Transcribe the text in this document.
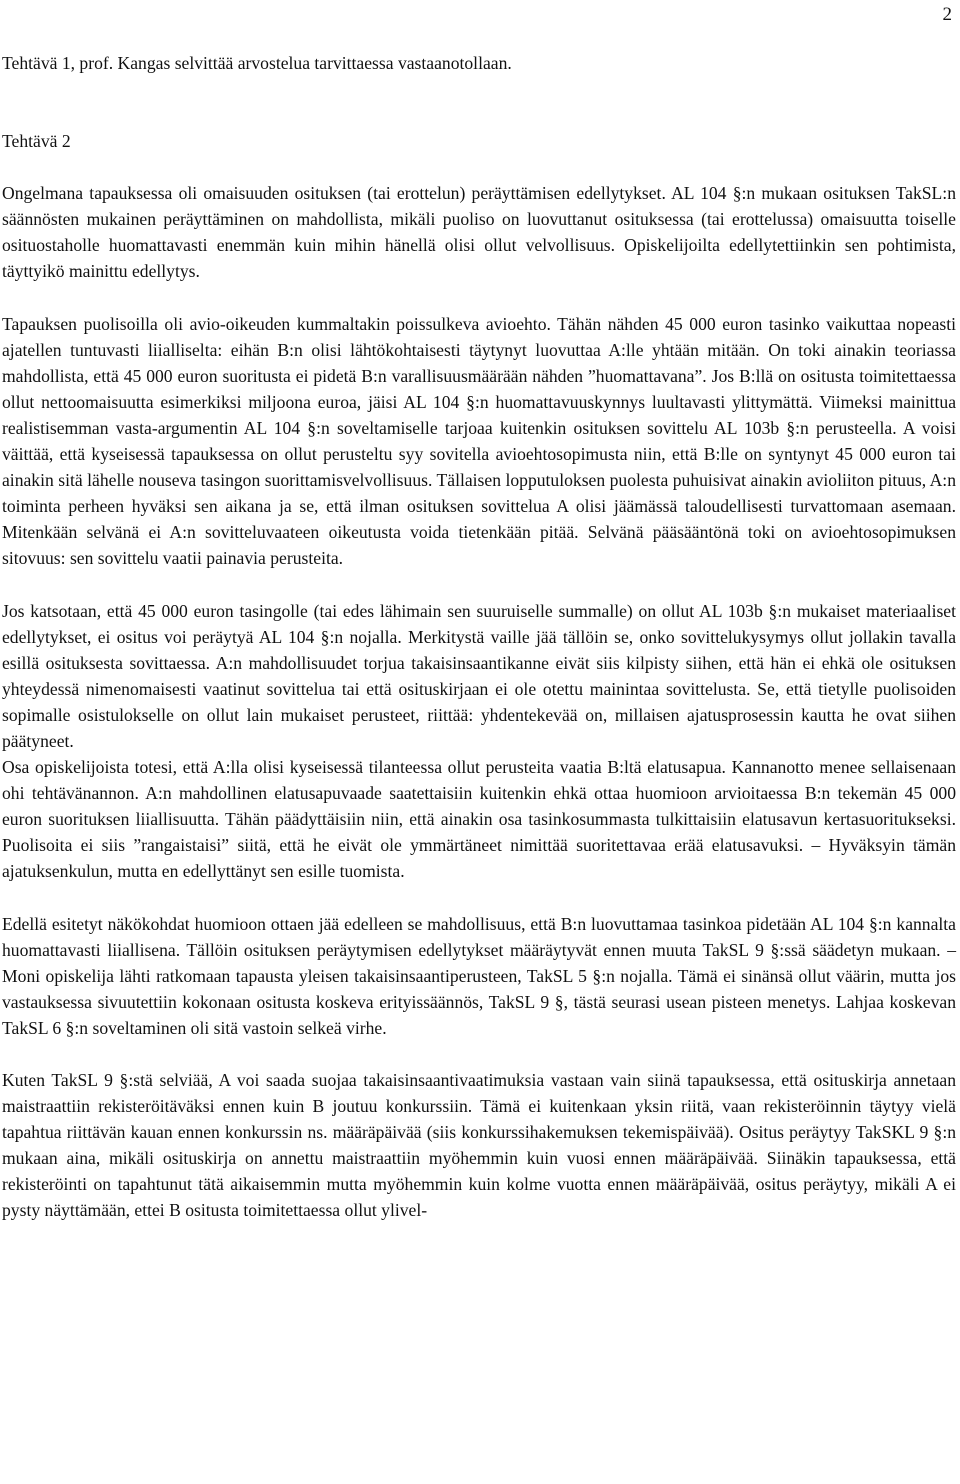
2

Tehtävä 1, prof. Kangas selvittää arvostelua tarvittaessa vastaanotollaan.

Tehtävä 2

Ongelmana tapauksessa oli omaisuuden osituksen (tai erottelun) peräyttämisen edellytykset. AL 104 §:n mukaan osituksen TakSL:n säännösten mukainen peräyttäminen on mahdollista, mikäli puoliso on luovuttanut osituksessa (tai erottelussa) omaisuutta toiselle osituostaholle huomattavasti enemmän kuin mihin hänellä olisi ollut velvollisuus. Opiskelijoilta edellytettiinkin sen pohtimista, täyttyikö mainittu edellytys.

Tapauksen puolisoilla oli avio-oikeuden kummaltakin poissulkeva avioehto. Tähän nähden 45 000 euron tasinko vaikuttaa nopeasti ajatellen tuntuvasti liialliselta: eihän B:n olisi lähtökohtaisesti täytynyt luovuttaa A:lle yhtään mitään. On toki ainakin teoriassa mahdollista, että 45 000 euron suoritusta ei pidetä B:n varallisuusmäärään nähden ”huomattavana”. Jos B:llä on ositusta toimitettaessa ollut nettoomaisuutta esimerkiksi miljoona euroa, jäisi AL 104 §:n huomattavuuskynnys luultavasti ylittymättä. Viimeksi mainittua realistisemman vasta-argumentin AL 104 §:n soveltamiselle tarjoaa kuitenkin osituksen sovittelu AL 103b §:n perusteella. A voisi väittää, että kyseisessä tapauksessa on ollut perusteltu syy sovitella avioehtosopimusta niin, että B:lle on syntynyt 45 000 euron tai ainakin sitä lähelle nousevа tasingon suorittamisvelvollisuus. Tällaisen lopputuloksen puolesta puhuisivat ainakin avioliiton pituus, A:n toiminta perheen hyväksi sen aikana ja se, että ilman osituksen sovittelua A olisi jäämässä taloudellisesti turvattomaan asemaan. Mitenkään selvänä ei A:n sovitteluvaateen oikeutusta voida tietenkään pitää. Selvänä pääsääntönä toki on avioehtosopimuksen sitovuus: sen sovittelu vaatii painavia perusteita.

Jos katsotaan, että 45 000 euron tasingolle (tai edes lähimain sen suuruiselle summalle) on ollut AL 103b §:n mukaiset materiaaliset edellytykset, ei ositus voi peräytyä AL 104 §:n nojalla. Merkitystä vaille jää tällöin se, onko sovittelukysymys ollut jollakin tavalla esillä osituksesta sovittaessa. A:n mahdollisuudet torjua takaisinsaantikanne eivät siis kilpisty siihen, että hän ei ehkä ole osituksen yhteydessä nimenomaisesti vaatinut sovittelua tai että osituskirjaan ei ole otettu mainintaa sovittelusta. Se, että tietylle puolisoiden sopimalle osistulokselle on ollut lain mukaiset perusteet, riittää: yhdentekevää on, millaisen ajatusprosessin kautta he ovat siihen päätyneet.

Osa opiskelijoista totesi, että A:lla olisi kyseisessä tilanteessa ollut perusteita vaatia B:ltä elatusapua. Kannanotto menee sellaisenaan ohi tehtävänannon. A:n mahdollinen elatusapuvaade saatettaisiin kuitenkin ehkä ottaa huomioon arvioitaessa B:n tekemän 45 000 euron suorituksen liiallisuutta. Tähän päädyttäisiin niin, että ainakin osa tasinkosummasta tulkittaisiin elatusavun kertasuoritukseksi. Puolisoita ei siis ”rangaistaisi” siitä, että he eivät ole ymmärtäneet nimittää suoritettavaa erää elatusavuksi. – Hyväksyin tämän ajatuksenkulun, mutta en edellyttänyt sen esille tuomista.

Edellä esitetyt näkökohdat huomioon ottaen jää edelleen se mahdollisuus, että B:n luovuttamaa tasinkoa pidetään AL 104 §:n kannalta huomattavasti liiallisena. Tällöin osituksen peräytymisen edellytykset määräytyvät ennen muuta TakSL 9 §:ssä säädetyn mukaan. – Moni opiskelija lähti ratkomaan tapausta yleisen takaisinsaantiperusteen, TakSL 5 §:n nojalla. Tämä ei sinänsä ollut väärin, mutta jos vastauksessa sivuutettiin kokonaan ositusta koskeva erityissäännös, TakSL 9 §, tästä seurasi usean pisteen menetys. Lahjaa koskevan TakSL 6 §:n soveltaminen oli sitä vastoin selkeä virhe.

Kuten TakSL 9 §:stä selviää, A voi saada suojaa takaisinsaantivaatimuksia vastaan vain siinä tapauksessa, että osituskirja annetaan maistraattiin rekisteröitäväksi ennen kuin B joutuu konkurssiin. Tämä ei kuitenkaan yksin riitä, vaan rekisteröinnin täytyy vielä tapahtua riittävän kauan ennen konkurssin ns. määräpäivää (siis konkurssihakemuksen tekemispäivää). Ositus peräytyy TakSKL 9 §:n mukaan aina, mikäli osituskirja on annettu maistraattiin myöhemmin kuin vuosi ennen määräpäivää. Siinäkin tapauksessa, että rekisteröinti on tapahtunut tätä aikaisemmin mutta myöhemmin kuin kolme vuotta ennen määräpäivää, ositus peräytyy, mikäli A ei pysty näyttämään, ettei B ositusta toimitettaessa ollut ylivel-
